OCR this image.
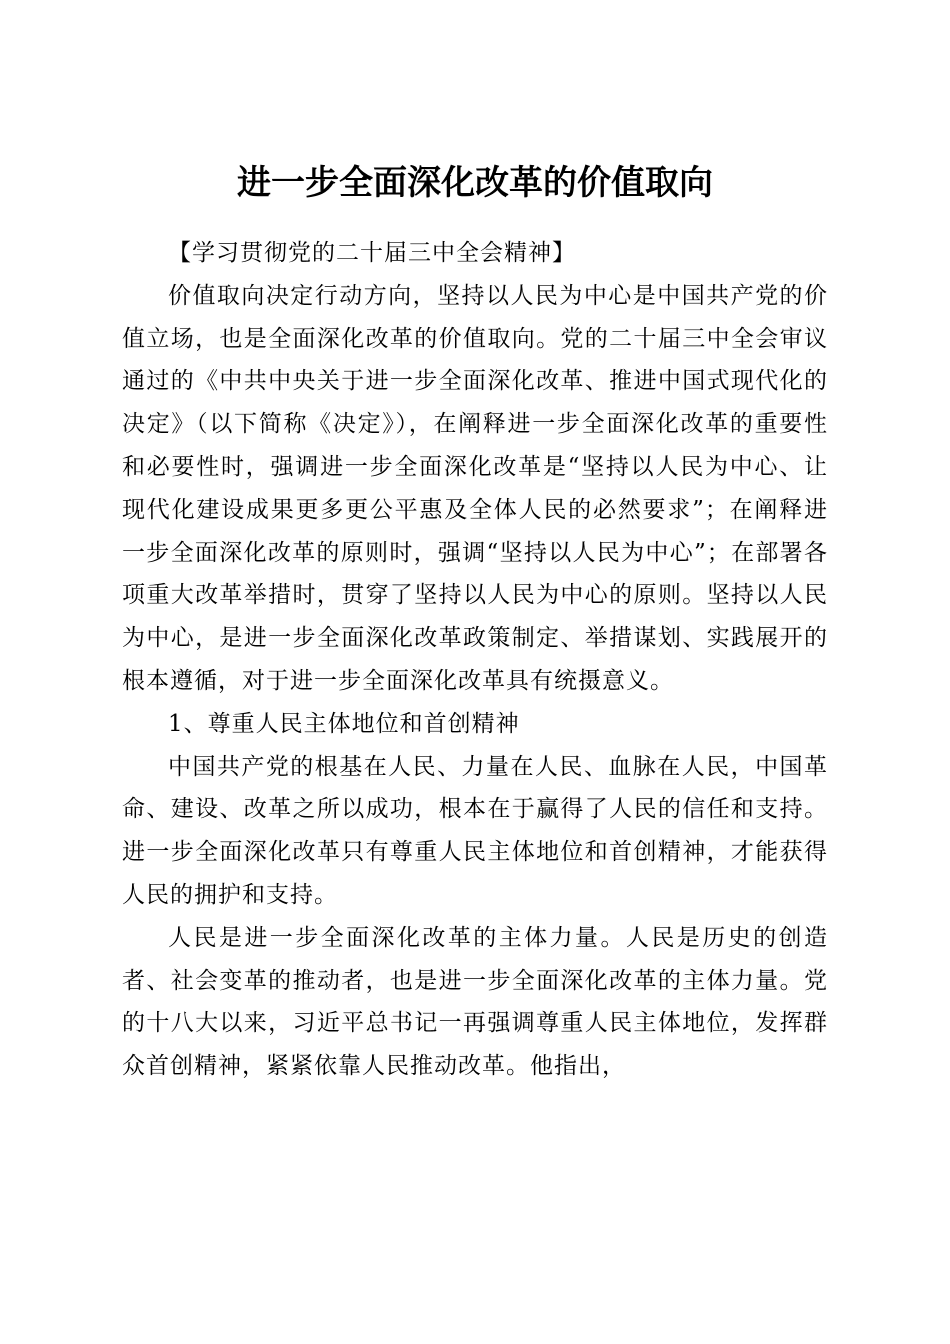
进一步全面深化改革的价值取向

【学习贯彻党的二十届三中全会精神】

价值取向决定行动方向，坚持以人民为中心是中国共产党的价值立场，也是全面深化改革的价值取向。党的二十届三中全会审议通过的《中共中央关于进一步全面深化改革、推进中国式现代化的决定》（以下简称《决定》），在阐释进一步全面深化改革的重要性和必要性时，强调进一步全面深化改革是“坚持以人民为中心、让现代化建设成果更多更公平惠及全体人民的必然要求”；在阐释进一步全面深化改革的原则时，强调“坚持以人民为中心”；在部署各项重大改革举措时，贯穿了坚持以人民为中心的原则。坚持以人民为中心，是进一步全面深化改革政策制定、举措谋划、实践展开的根本遵循，对于进一步全面深化改革具有统摄意义。

1、尊重人民主体地位和首创精神

中国共产党的根基在人民、力量在人民、血脉在人民，中国革命、建设、改革之所以成功，根本在于赢得了人民的信任和支持。进一步全面深化改革只有尊重人民主体地位和首创精神，才能获得人民的拥护和支持。

人民是进一步全面深化改革的主体力量。人民是历史的创造者、社会变革的推动者，也是进一步全面深化改革的主体力量。党的十八大以来，习近平总书记一再强调尊重人民主体地位，发挥群众首创精神，紧紧依靠人民推动改革。他指出，
